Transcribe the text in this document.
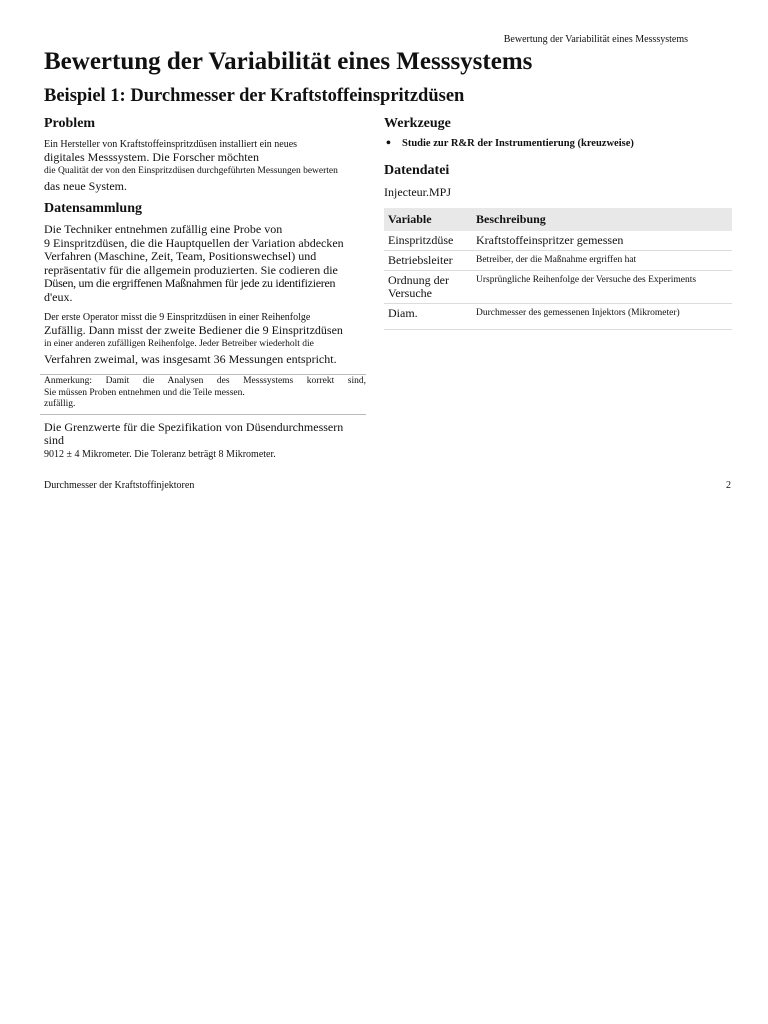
Bewertung der Variabilität eines Messsystems
Bewertung der Variabilität eines Messsystems
Beispiel 1: Durchmesser der Kraftstoffeinspritzdüsen
Problem

Ein Hersteller von Kraftstoffeinspritzdüsen installiert ein neues

digitales Messsystem. Die Forscher möchten

die Qualität der von den Einspritzdüsen durchgeführten Messungen bewerten

das neue System.

Datensammlung

Die Techniker entnehmen zufällig eine Probe von

9 Einspritzdüsen, die die Hauptquellen der Variation abdecken

Verfahren (Maschine, Zeit, Team, Positionswechsel) und

repräsentativ für die allgemein produzierten. Sie codieren die

Düsen, um die ergriffenen Maßnahmen für jede zu identifizieren

d'eux.

Der erste Operator misst die 9 Einspritzdüsen in einer Reihenfolge

Zufällig. Dann misst der zweite Bediener die 9 Einspritzdüsen

in einer anderen zufälligen Reihenfolge. Jeder Betreiber wiederholt die

Verfahren zweimal, was insgesamt 36 Messungen entspricht.

Anmerkung: Damit die Analysen des Messsystems korrekt sind,
Sie müssen Proben entnehmen und die Teile messen.
zufällig.

Die Grenzwerte für die Spezifikation von Düsendurchmessern sind

9012 ± 4 Mikrometer. Die Toleranz beträgt 8 Mikrometer.

Werkzeuge
• Studie zur R&R der Instrumentierung (kreuzweise)
Datendatei

Injecteur.MPJ

Variable	Beschreibung
Einspritzdüse	Kraftstoffeinspritzer gemessen
Betriebsleiter	Betreiber, der die Maßnahme ergriffen hat
Ordnung der Versuche	Ursprüngliche Reihenfolge der Versuche des Experiments
Diam.	Durchmesser des gemessenen Injektors (Mikrometer)
Durchmesser der Kraftstoffinjektoren	2
